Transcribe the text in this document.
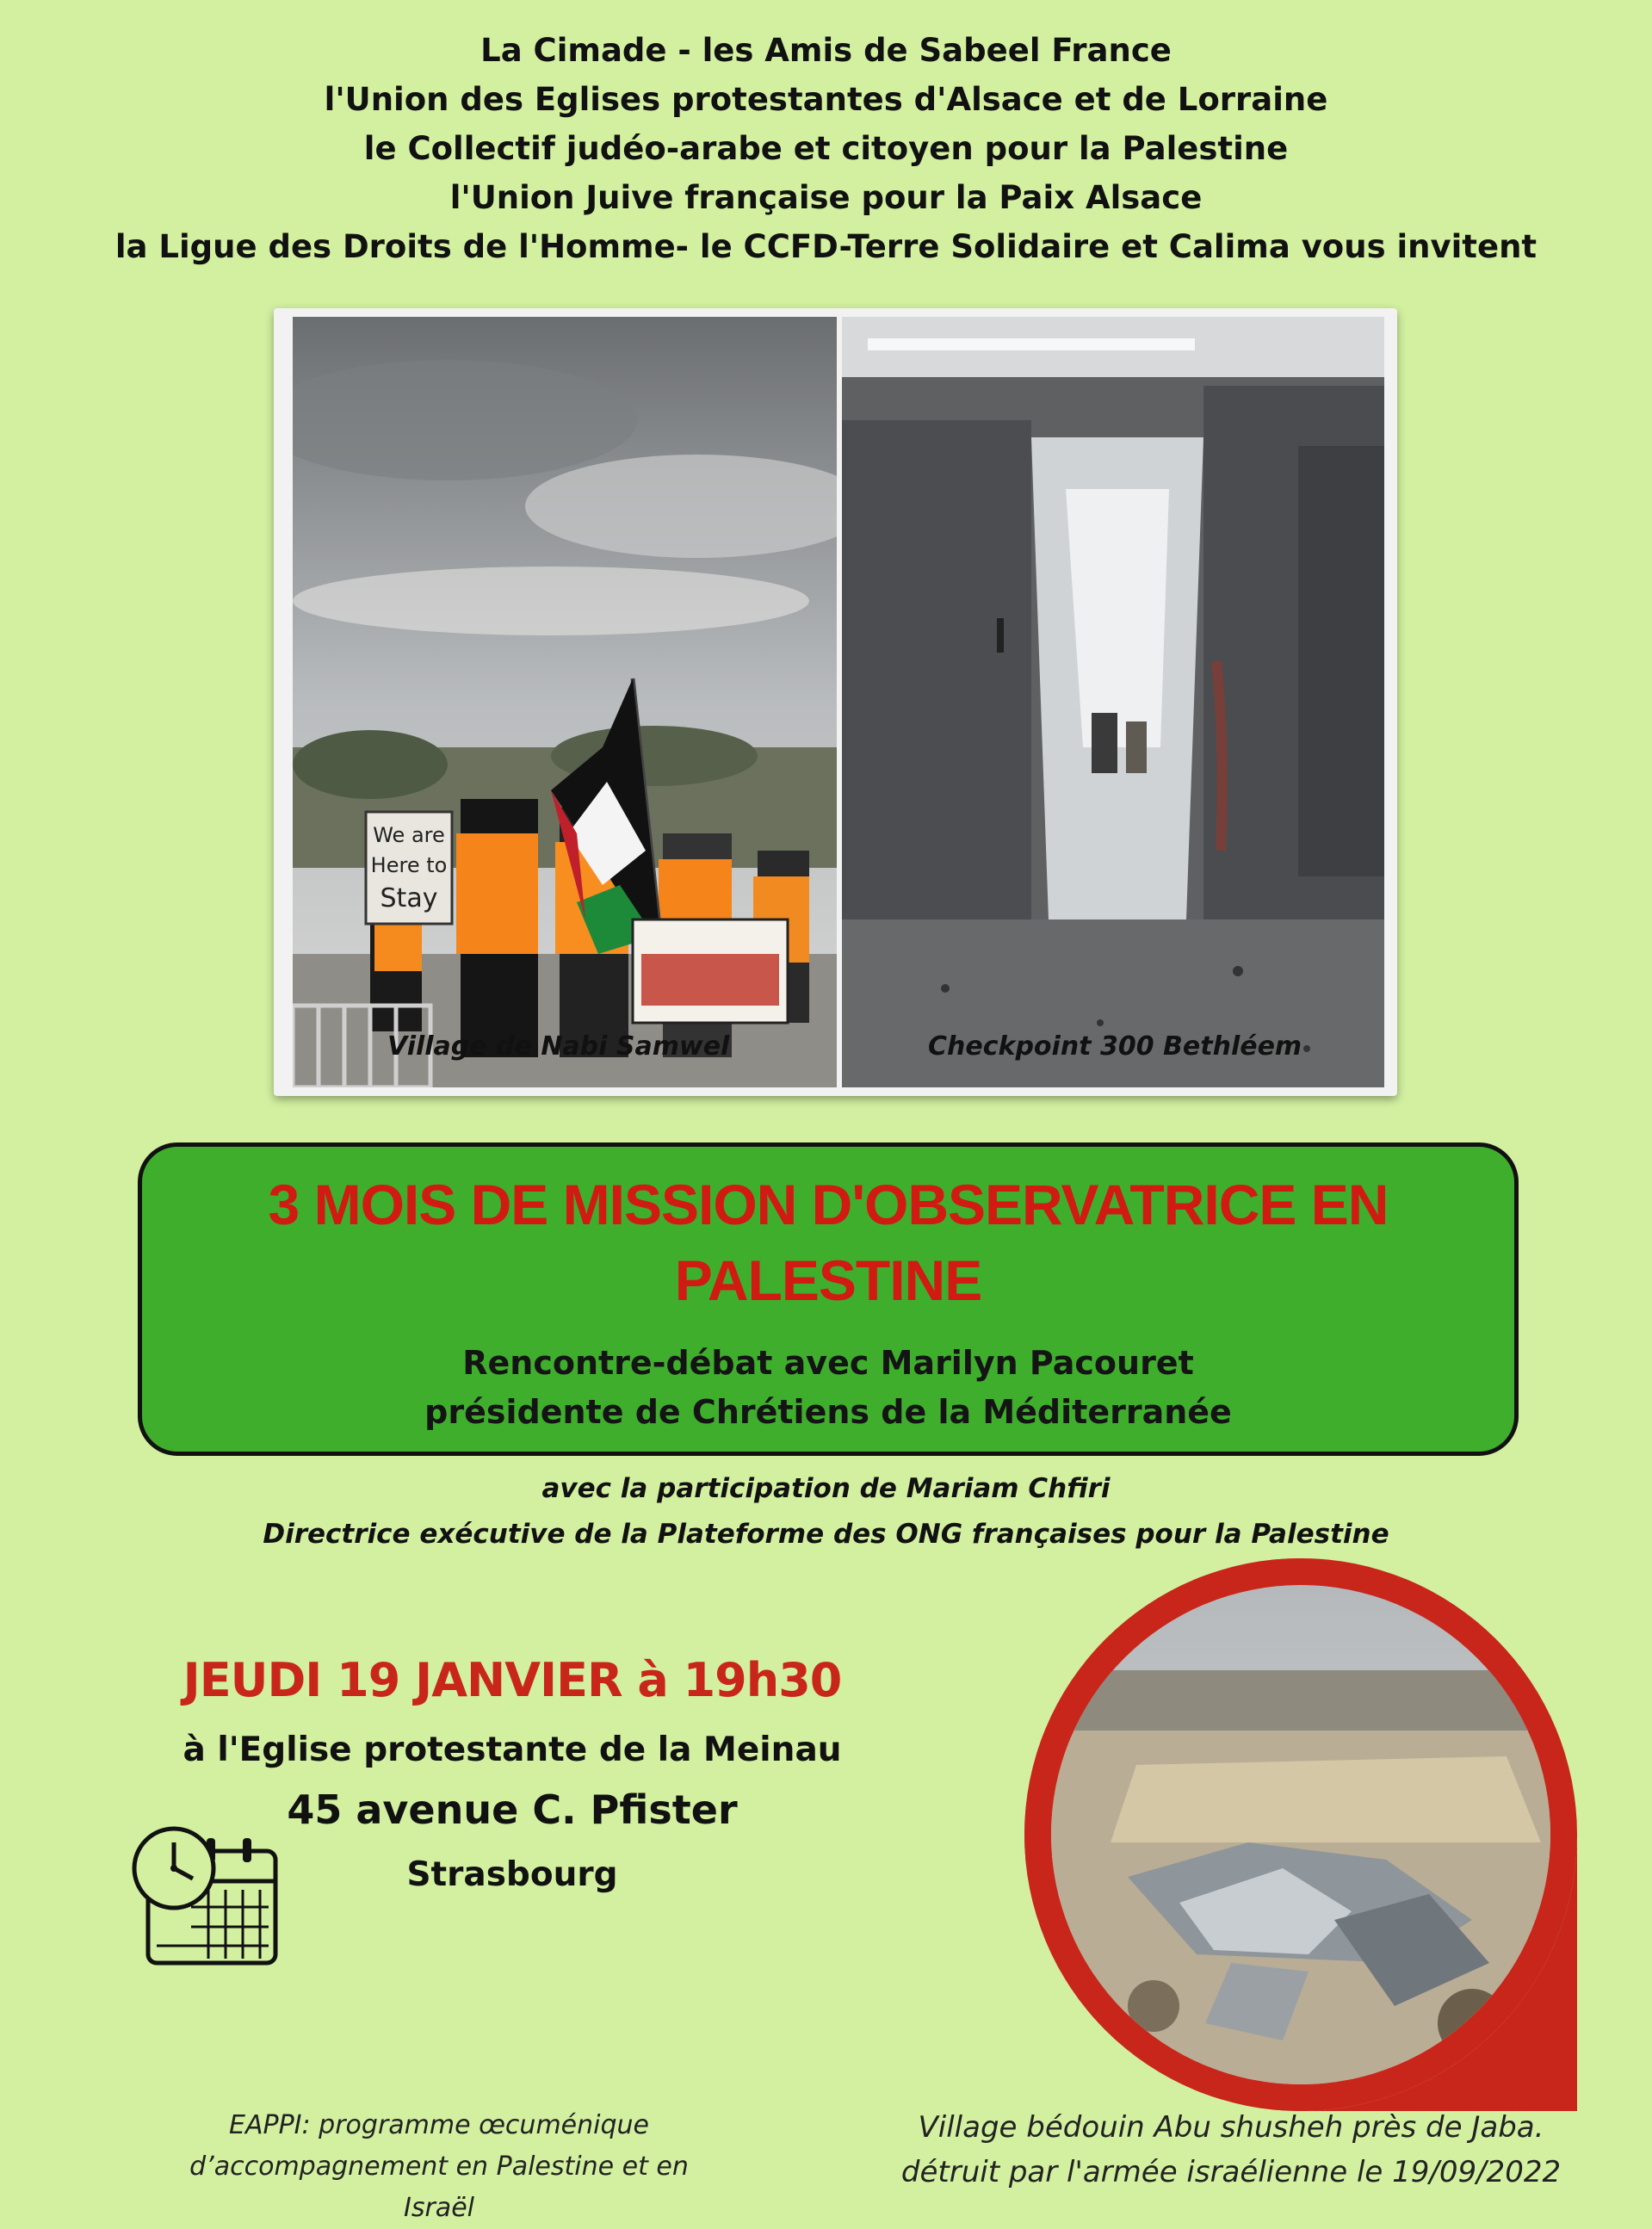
La Cimade - les Amis de Sabeel France
l'Union des Eglises protestantes d'Alsace et de Lorraine
le Collectif judéo-arabe et citoyen pour la Palestine
l'Union Juive française pour la Paix Alsace
la Ligue des Droits de l'Homme- le CCFD-Terre Solidaire et Calima vous invitent
We are
Here to
Stay
Village de Nabi Samwel	Checkpoint 300 Bethléem
3 MOIS DE MISSION D'OBSERVATRICE EN
PALESTINE
Rencontre-débat avec Marilyn Pacouret
présidente de Chrétiens de la Méditerranée
avec la participation de Mariam Chfiri
Directrice exécutive de la Plateforme des ONG françaises pour la Palestine
JEUDI 19 JANVIER à 19h30
à l'Eglise protestante de la Meinau
45 avenue C. Pfister
Strasbourg
EAPPI: programme œcuménique
d’accompagnement en Palestine et en Israël
Village bédouin Abu shusheh près de Jaba.
détruit par l'armée israélienne le 19/09/2022
